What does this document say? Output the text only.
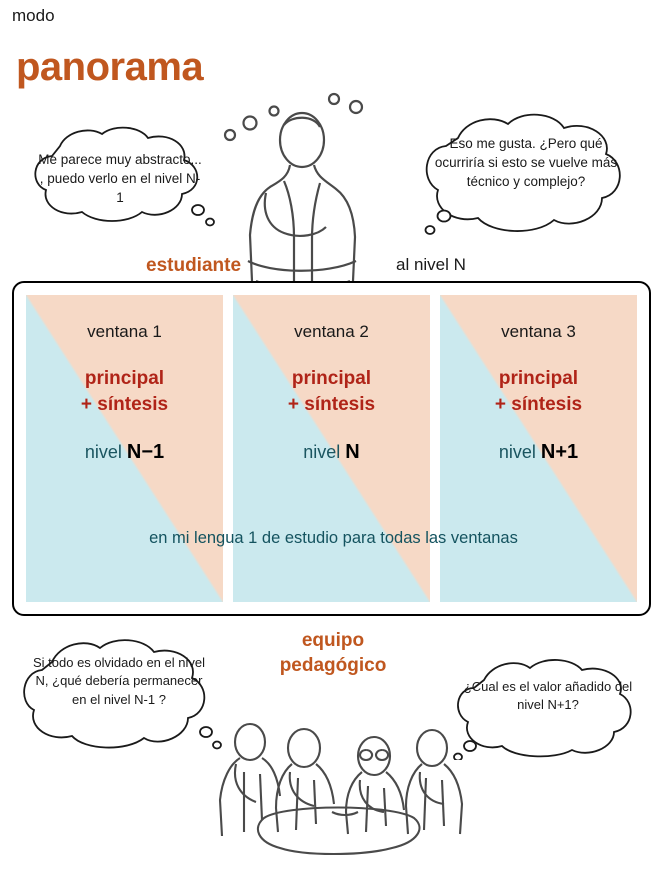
modo
panorama
Me parece muy abstracto... , puedo verlo en el nivel N-1
Eso me gusta. ¿Pero qué ocurriría si esto se vuelve más técnico y complejo?
estudiante	al nivel N
ventana 1
principal
+ síntesis
nivel N−1
ventana 2
principal
+ síntesis
nivel N
ventana 3
principal
+ síntesis
nivel N+1
en mi lengua 1 de estudio para todas las ventanas
equipo
pedagógico
Si todo es olvidado en el nivel N, ¿qué debería permanecer en el nivel N-1 ?
¿Cual es el valor añadido del nivel N+1?
